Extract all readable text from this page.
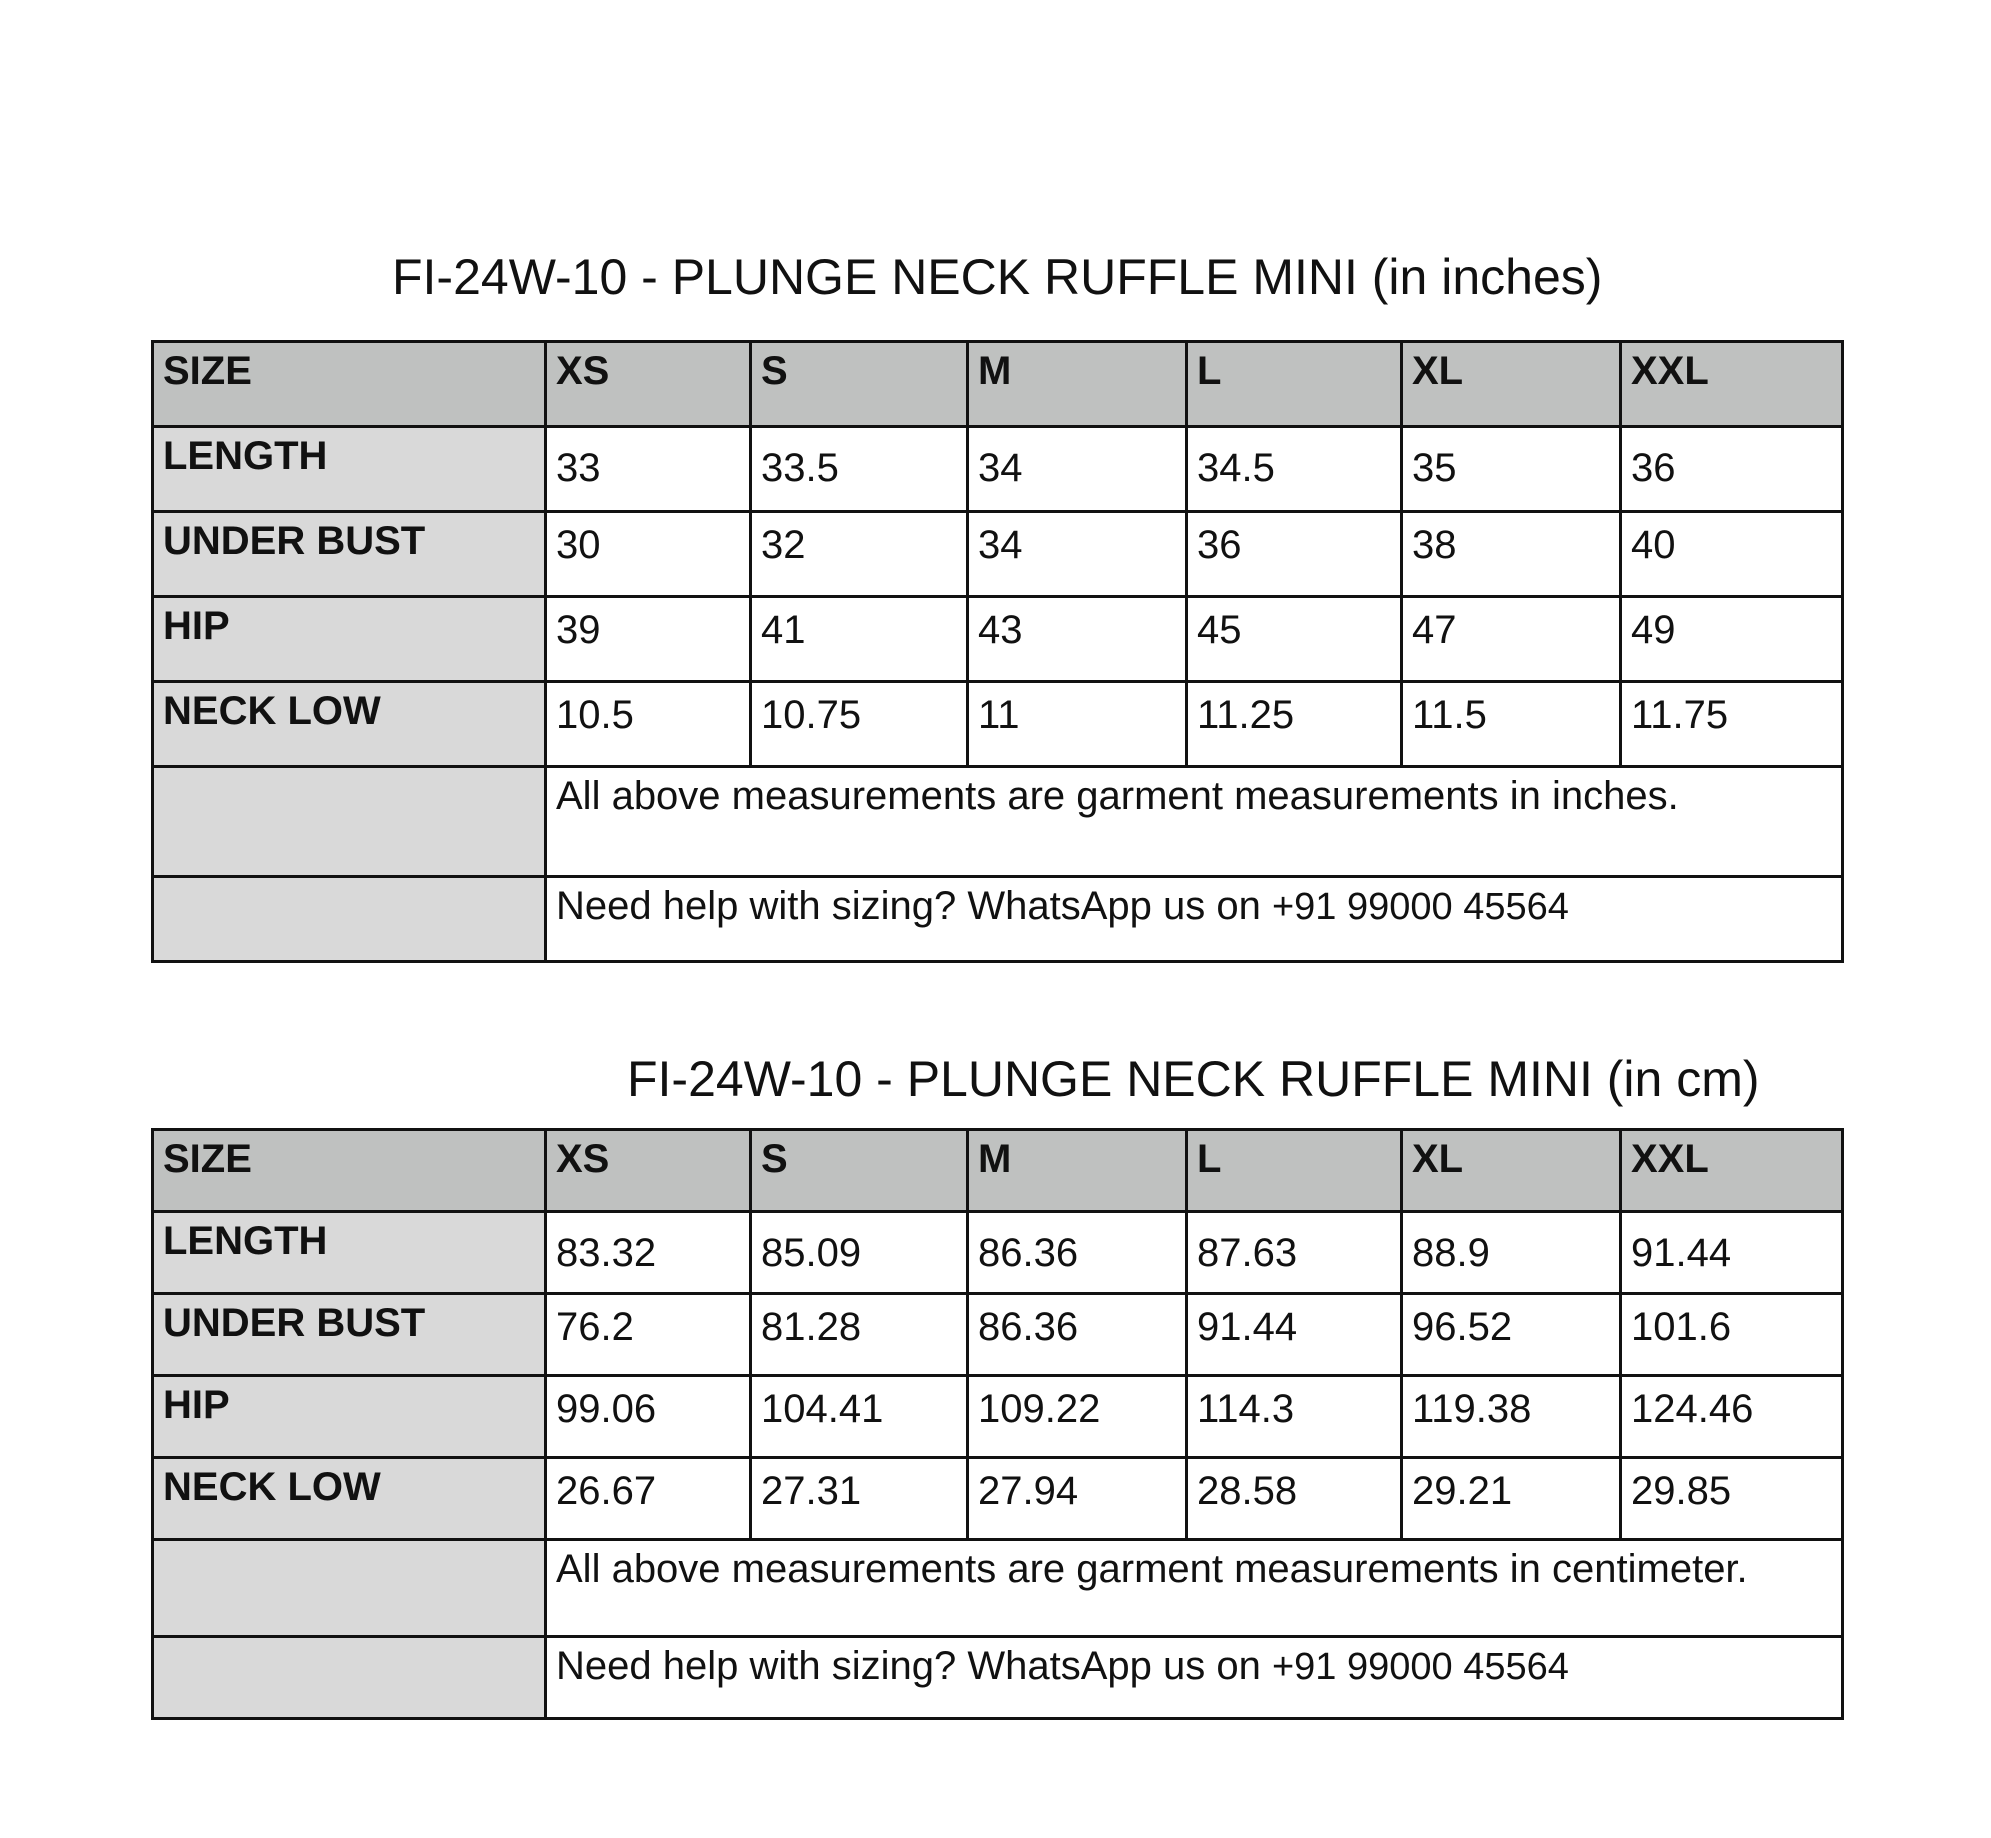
FI-24W-10 - PLUNGE NECK RUFFLE MINI (in inches)
SIZE	XS	S	M	L	XL	XXL
LENGTH	33	33.5	34	34.5	35	36
UNDER BUST	30	32	34	36	38	40
HIP	39	41	43	45	47	49
NECK LOW	10.5	10.75	11	11.25	11.5	11.75
	All above measurements are garment measurements in inches.					
	Need help with sizing? WhatsApp us on +91 99000 45564					
FI-24W-10 - PLUNGE NECK RUFFLE MINI (in cm)
SIZE	XS	S	M	L	XL	XXL
LENGTH	83.32	85.09	86.36	87.63	88.9	91.44
UNDER BUST	76.2	81.28	86.36	91.44	96.52	101.6
HIP	99.06	104.41	109.22	114.3	119.38	124.46
NECK LOW	26.67	27.31	27.94	28.58	29.21	29.85
	All above measurements are garment measurements in centimeter.					
	Need help with sizing? WhatsApp us on +91 99000 45564					
